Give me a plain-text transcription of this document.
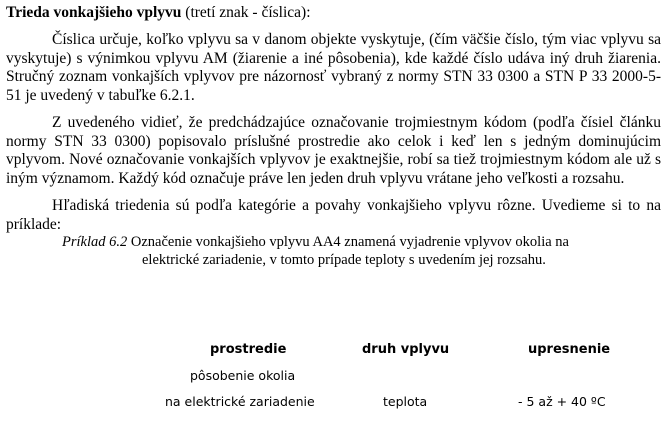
Trieda vonkajšieho vplyvu (tretí znak - číslica):

Číslica určuje, koľko vplyvu sa v danom objekte vyskytuje, (čím väčšie číslo, tým viac vplyvu sa vyskytuje) s výnimkou vplyvu AM (žiarenie a iné pôsobenia), kde každé číslo udáva iný druh žiarenia. Stručný zoznam vonkajších vplyvov pre názornosť vybraný z normy STN 33 0300 a STN P 33 2000-5-51 je uvedený v tabuľke 6.2.1.

Z uvedeného vidieť, že predchádzajúce označovanie trojmiestnym kódom (podľa čísiel článku normy STN 33 0300) popisovalo príslušné prostredie ako celok i keď len s jedným dominujúcim vplyvom. Nové označovanie vonkajších vplyvov je exaktnejšie, robí sa tiež trojmiestnym kódom ale už s iným významom. Každý kód označuje práve len jeden druh vplyvu vrátane jeho veľkosti a rozsahu.

Hľadiská triedenia sú podľa kategórie a povahy vonkajšieho vplyvu rôzne. Uvedieme si to na príklade:

Príklad 6.2 Označenie vonkajšieho vplyvu AA4 znamená vyjadrenie vplyvov okolia na
elektrické zariadenie, v tomto prípade teploty s uvedením jej rozsahu.
prostredie	druh vplyvu	upresnenie
pôsobenie okolia
na elektrické zariadenie	teplota	- 5 až + 40 ºC
